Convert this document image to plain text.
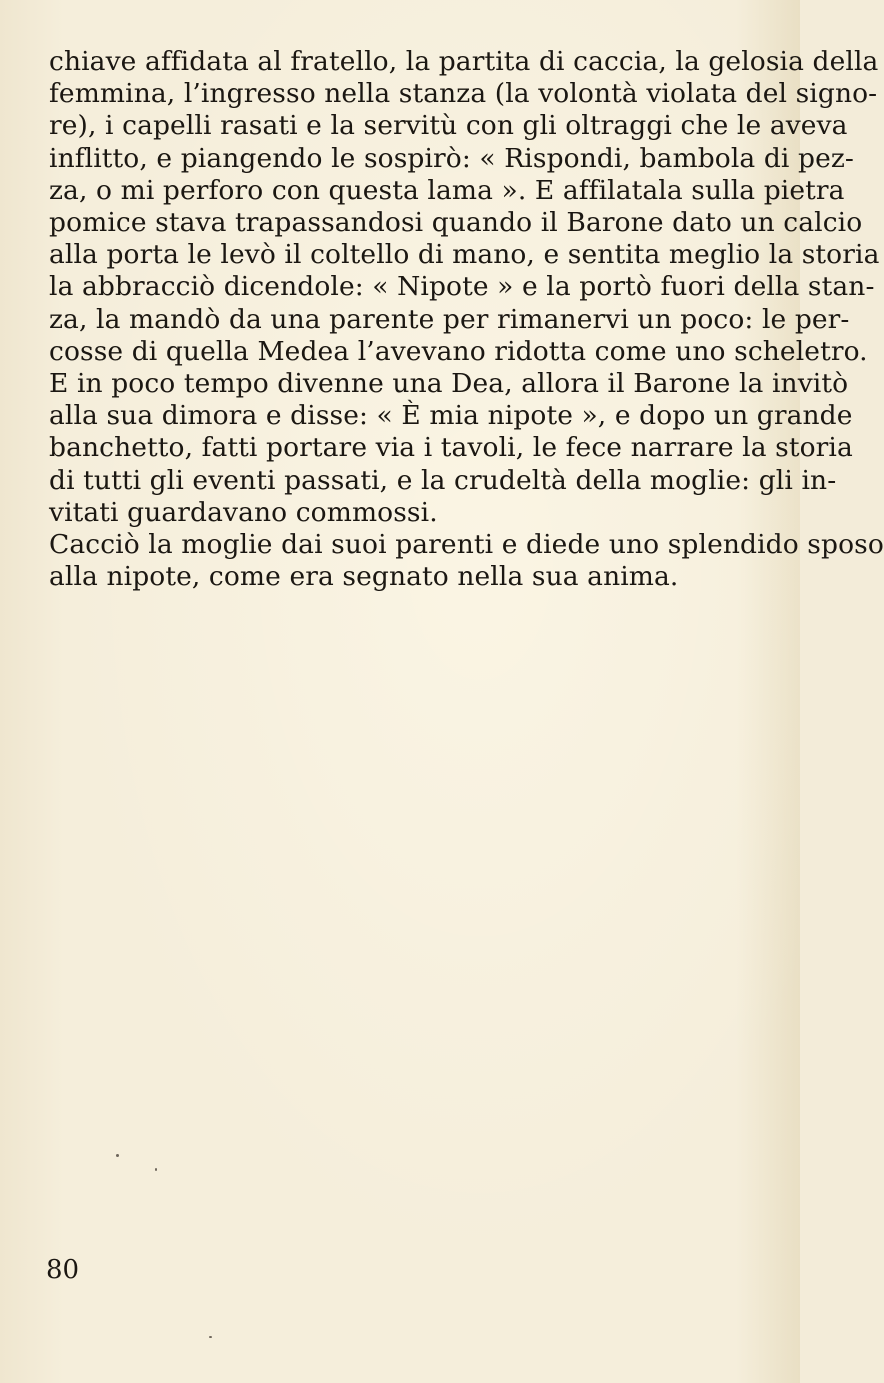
chiave affidata al fratello, la partita di caccia, la gelosia della
femmina, l’ingresso nella stanza (la volontà violata del signo-
re), i capelli rasati e la servitù con gli oltraggi che le aveva
inflitto, e piangendo le sospirò: « Rispondi, bambola di pez-
za, o mi perforo con questa lama ». E affilatala sulla pietra
pomice stava trapassandosi quando il Barone dato un calcio
alla porta le levò il coltello di mano, e sentita meglio la storia
la abbracciò dicendole: « Nipote » e la portò fuori della stan-
za, la mandò da una parente per rimanervi un poco: le per-
cosse di quella Medea l’avevano ridotta come uno scheletro.
E in poco tempo divenne una Dea, allora il Barone la invitò
alla sua dimora e disse: « È mia nipote », e dopo un grande
banchetto, fatti portare via i tavoli, le fece narrare la storia
di tutti gli eventi passati, e la crudeltà della moglie: gli in-
vitati guardavano commossi.
Cacciò la moglie dai suoi parenti e diede uno splendido sposo
alla nipote, come era segnato nella sua anima.
80
